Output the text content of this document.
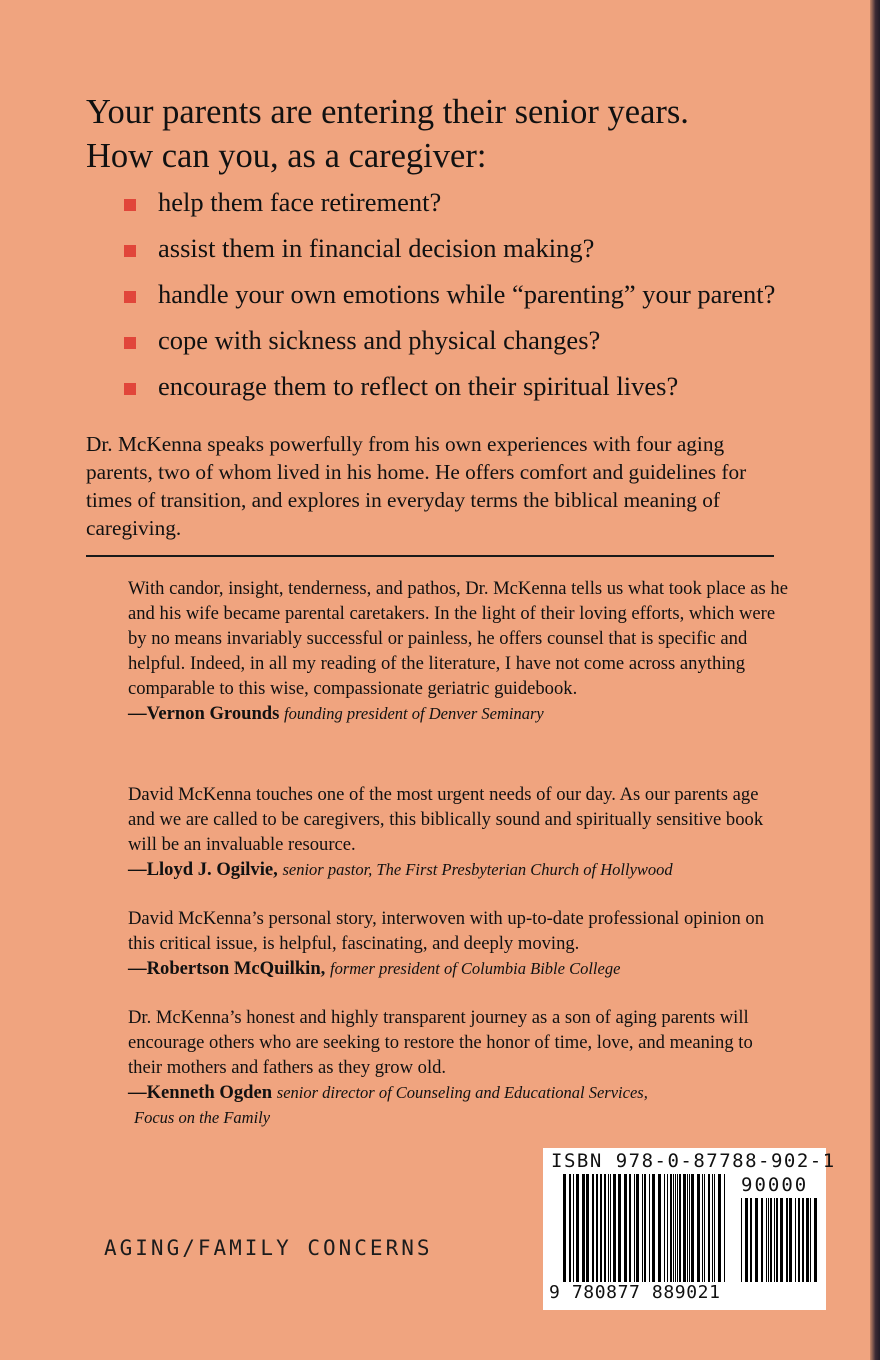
Your parents are entering their senior years.
How can you, as a caregiver:
help them face retirement?
assist them in financial decision making?
handle your own emotions while “parenting” your parent?
cope with sickness and physical changes?
encourage them to reflect on their spiritual lives?

Dr. McKenna speaks powerfully from his own experiences with four aging parents, two of whom lived in his home. He offers comfort and guidelines for times of transition, and explores in everyday terms the biblical meaning of caregiving.

With candor, insight, tenderness, and pathos, Dr. McKenna tells us what took place as he and his wife became parental caretakers. In the light of their loving efforts, which were by no means invariably successful or painless, he offers counsel that is specific and helpful. Indeed, in all my reading of the literature, I have not come across anything comparable to this wise, compassionate geriatric guidebook.

—Vernon Grounds founding president of Denver Seminary

David McKenna touches one of the most urgent needs of our day. As our parents age and we are called to be caregivers, this biblically sound and spiritually sensitive book will be an invaluable resource.

—Lloyd J. Ogilvie, senior pastor, The First Presbyterian Church of Hollywood

David McKenna’s personal story, interwoven with up-to-date professional opinion on this critical issue, is helpful, fascinating, and deeply moving.

—Robertson McQuilkin, former president of Columbia Bible College

Dr. McKenna’s honest and highly transparent journey as a son of aging parents will encourage others who are seeking to restore the honor of time, love, and meaning to their mothers and fathers as they grow old.

—Kenneth Ogden senior director of Counseling and Educational Services,
Focus on the Family
AGING/FAMILY CONCERNS
ISBN 978-0-87788-902-1
90000
9 780877 889021
